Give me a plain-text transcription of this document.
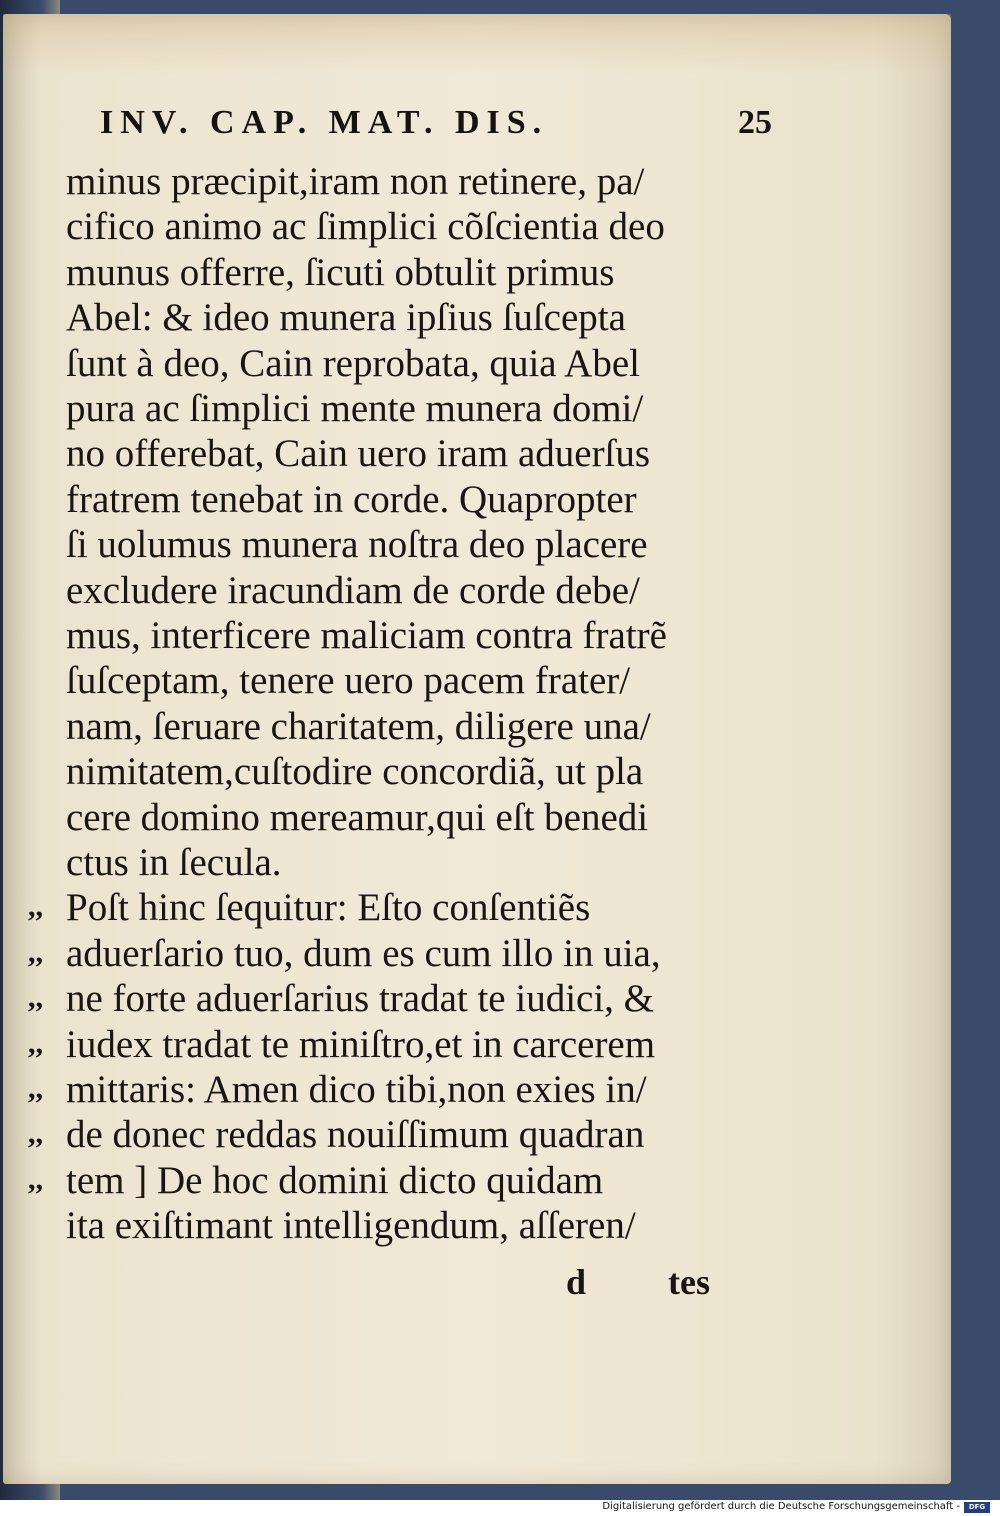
INV. CAP. MAT. DIS.	25
minus præcipit,iram non retinere, pa/
cifico animo ac ſimplici cõſcientia deo
munus offerre, ſicuti obtulit primus
Abel: & ideo munera ipſius ſuſcepta
ſunt à deo, Cain reprobata, quia Abel
pura ac ſimplici mente munera domi/
no offerebat, Cain uero iram aduerſus
fratrem tenebat in corde. Quapropter
ſi uolumus munera noſtra deo placere
excludere iracundiam de corde debe/
mus, interficere maliciam contra fratrẽ
ſuſceptam, tenere uero pacem frater/
nam, ſeruare charitatem, diligere una/
nimitatem,cuſtodire concordiã, ut pla
cere domino mereamur,qui eſt benedi
ctus in ſecula.
Poſt hinc ſequitur: Eſto conſentiẽs
aduerſario tuo, dum es cum illo in uia,
ne forte aduerſarius tradat te iudici, &
iudex tradat te miniſtro,et in carcerem
mittaris: Amen dico tibi,non exies in/
de donec reddas nouiſſimum quadran
tem ] De hoc domini dicto quidam
ita exiſtimant intelligendum, aſſeren/
,,
,,
,,
,,
,,
,,
,,
d tes
Digitalisierung gefördert durch die Deutsche Forschungsgemeinschaft -	DFG
